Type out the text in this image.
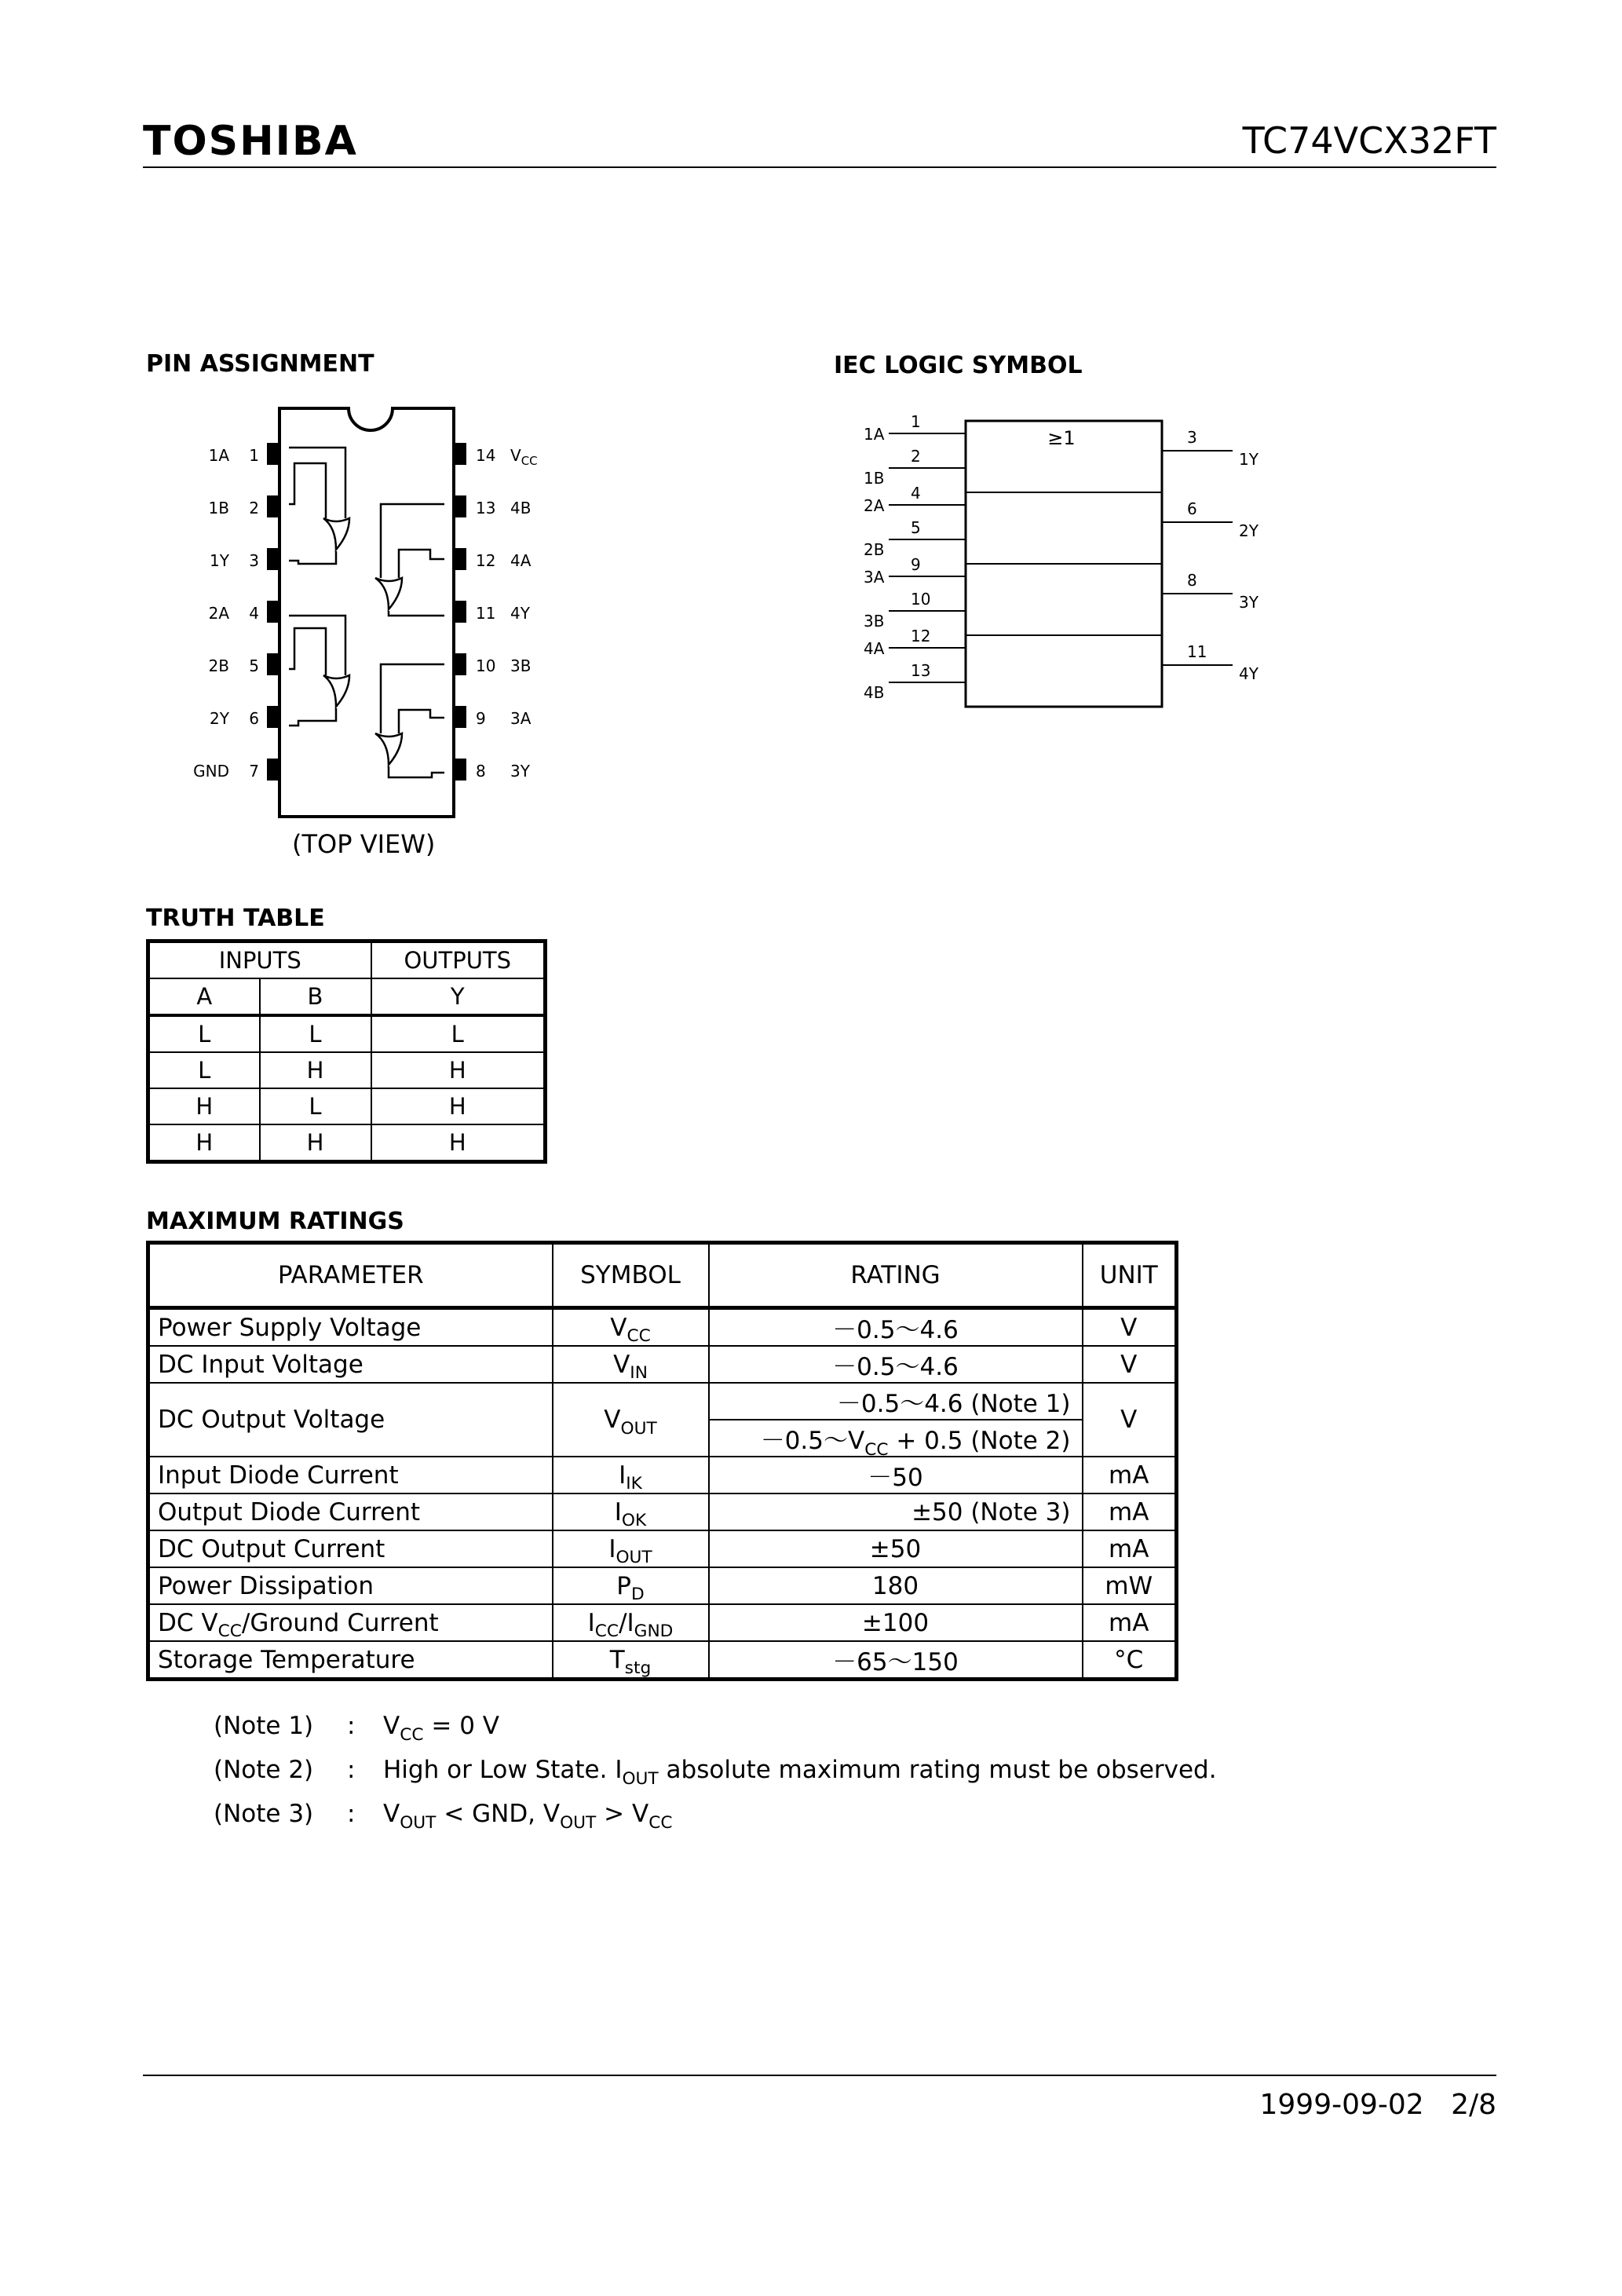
TOSHIBA	TC74VCX32FT
PIN ASSIGNMENT
1A 1
1B 2
1Y 3
2A 4
2B 5
2Y 6
GND 7
14 $V_{CC}$
13 4B
12 4A
11 4Y
10 3B
9 3A
8 3Y
(TOP VIEW)
IEC LOGIC SYMBOL
1A
1B
1
2
3
1Y
2A
2B
4
5
6
2Y
3A
3B
9
10
8
3Y
4A
4B
12
13
11
4Y
≥1
TRUTH TABLE
INPUTS		OUTPUTS
A	B	Y
L	L	L
L	H	H
H	L	H
H	H	H
MAXIMUM RATINGS
PARAMETER	SYMBOL	RATING	UNIT
Power Supply Voltage	$V_{CC}$	－0.5～4.6	V
DC Input Voltage	$V_{IN}$	－0.5～4.6	V
DC Output Voltage	$V_{OUT}$	－0.5～4.6 (Note 1)	V
		$-0.5\sim V_{CC} + 0.5$ (Note 2)	
Input Diode Current	$I_{IK}$	－50	mA
Output Diode Current	$I_{OK}$	±50 (Note 3)	mA
DC Output Current	$I_{OUT}$	±50	mA
Power Dissipation	$P_D$	180	mW
DC $V_{CC}$/Ground Current	$I_{CC}/I_{GND}$	±100	mA
Storage Temperature	$T_{stg}$	－65～150	°C
(Note 1) : $V_{CC} = 0$ V
(Note 2) : High or Low State. $I_{OUT}$ absolute maximum rating must be observed.
(Note 3) : $V_{OUT}$ < GND, $V_{OUT} > V_{CC}$
1999-09-02 2/8
